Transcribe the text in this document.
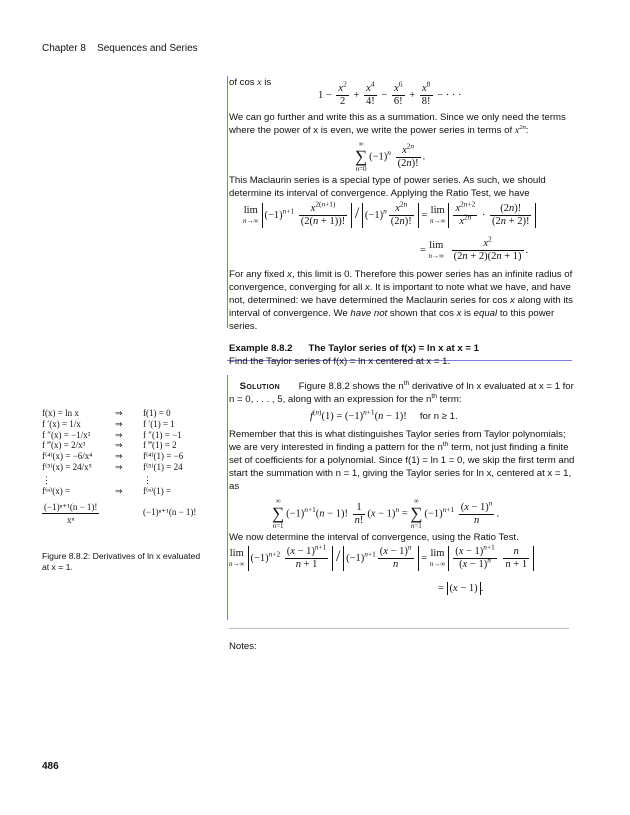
Chapter 8 Sequences and Series
of cos x is
$1 - \frac{x^2}{2} + \frac{x^4}{4!} - \frac{x^6}{6!} + \frac{x^8}{8!}$ − · · ·

We can go further and write this as a summation. Since we only need the terms where the power of x is even, we write the power series in terms of $x^{2n}$:

∞
∑
n=0
$(-1)^n \frac{x^{2n}}{(2n)!}$ .

This Maclaurin series is a special type of power series. As such, we should determine its interval of convergence. Applying the Ratio Test, we have

lim
n→∞ $(-1)^{n+1} \frac{x^{2(n+1)}}{(2(n + 1))!} / (-1)^n \frac{x^{2n}}{(2n)!} = \lim$
$n\to\infty \frac{x^{2n+2}}{x^{2n}} \cdot \frac{(2n)!}{(2n + 2)!}$
= lim
n→∞
$\frac{x^2}{(2n + 2)(2n + 1)}$ .

For any fixed x, this limit is 0. Therefore this power series has an infinite radius of convergence, converging for all x. It is important to note what we have, and have not, determined: we have determined the Maclaurin series for cos x along with its interval of convergence. We have not shown that cos x is equal to this power series.

Example 8.8.2 The Taylor series of f(x) = ln x at x = 1

Find the Taylor series of f(x) = ln x centered at x = 1.

Solution Figure 8.8.2 shows the $n^{th}$ derivative of ln x evaluated at x = 1 for n = 0, . . . , 5, along with an expression for the $n^{th}$ term:

$f^{(n)}(1) = (-1)^{n+1}(n - 1)$!     for n ≥ 1.

Remember that this is what distinguishes Taylor series from Taylor polynomials; we are very interested in finding a pattern for the $n^{th}$ term, not just finding a finite set of coefficients for a polynomial. Since f(1) = ln 1 = 0, we skip the first term and start the summation with n = 1, giving the Taylor series for ln x, centered at x = 1, as

∞
∑
n=1
$(-1)^{n+1}(n - 1)$! $\frac{1}{n!} (x - 1)^n$ =
∞
∑
n=1
$(-1)^{n+1} \frac{(x - 1)^n}{n}$ .

We now determine the interval of convergence, using the Ratio Test.

lim
n→∞ $(-1)^{n+2} \frac{(x - 1)^{n+1}}{n + 1} / (-1)^{n+1} \frac{(x - 1)^n}{n} = \lim$
$n\to\infty \frac{(x - 1)^{n+1}}{(x - 1)^n}$
$\frac{n}{n + 1}$
= (x − 1) .
f(x) = ln x	⇒ f(1) = 0
f ′(x) = 1/x	⇒ f ′(1) = 1
f ″(x) = −1/x²	⇒ f ″(1) = −1
f ‴(x) = 2/x³	⇒ f ‴(1) = 2
f⁽⁴⁾(x) = −6/x⁴	⇒ f⁽⁴⁾(1) = −6
f⁽⁵⁾(x) = 24/x⁵	⇒ f⁽⁵⁾(1) = 24
⋮	⋮
f⁽ⁿ⁾(x) =	⇒ f⁽ⁿ⁾(1) =
$\frac{\text{(−1)ⁿ⁺¹(n − 1)!}}{\text{xⁿ}}$	(−1)ⁿ⁺¹(n − 1)!
Figure 8.8.2: Derivatives of ln x evaluated at x = 1.
Notes:
486
